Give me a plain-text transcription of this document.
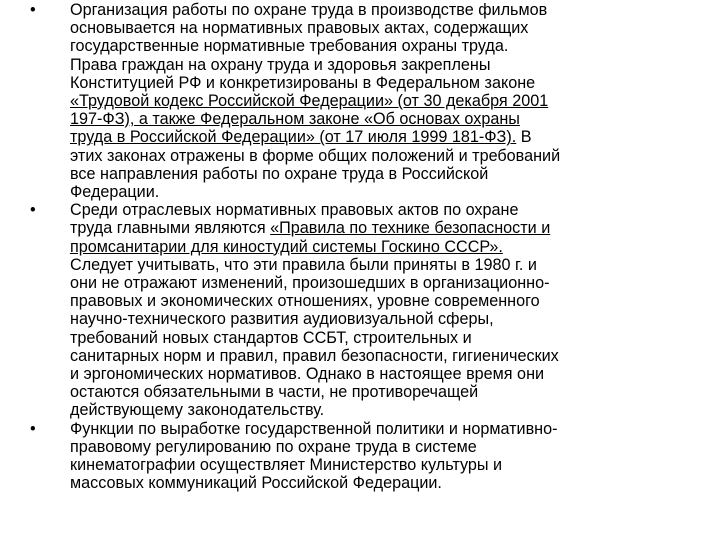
•	Организация работы по охране труда в производстве фильмов
основывается на нормативных правовых актах, содержащих
государственные нормативные требования охраны труда.
Права граждан на охрану труда и здоровья закреплены
Конституцией РФ и конкретизированы в Федеральном законе
«Трудовой кодекс Российской Федерации» (от 30 декабря 2001
197-ФЗ), а также Федеральном законе «Об основах охраны
труда в Российской Федерации» (от 17 июля 1999 181-ФЗ). В
этих законах отражены в форме общих положений и требований
все направления работы по охране труда в Российской
Федерации.
•	Среди отраслевых нормативных правовых актов по охране
труда главными являются «Правила по технике безопасности и
промсанитарии для киностудий системы Госкино СССР».
Следует учитывать, что эти правила были приняты в 1980 г. и
они не отражают изменений, произошедших в организационно-
правовых и экономических отношениях, уровне современного
научно-технического развития аудиовизуальной сферы,
требований новых стандартов ССБТ, строительных и
санитарных норм и правил, правил безопасности, гигиенических
и эргономических нормативов. Однако в настоящее время они
остаются обязательными в части, не противоречащей
действующему законодательству.
•	Функции по выработке государственной политики и нормативно-
правовому регулированию по охране труда в системе
кинематографии осуществляет Министерство культуры и
массовых коммуникаций Российской Федерации.
